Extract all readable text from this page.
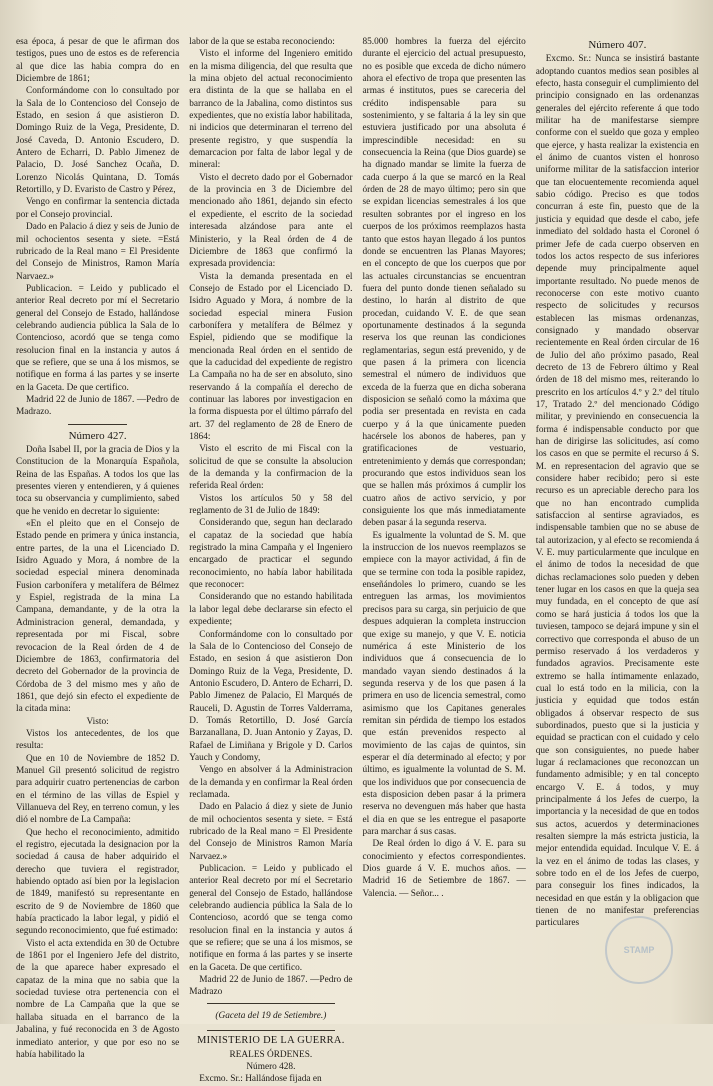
esa época, á pesar de que le afirman dos testigos, pues uno de estos es de referencia al que dice las habia compra do en Diciembre de 1861;

Conformándome con lo consultado por la Sala de lo Contencioso del Consejo de Estado, en sesion á que asistieron D. Domingo Ruiz de la Vega, Presidente, D. José Caveda, D. Antonio Escudero, D. Antero de Echarri, D. Pablo Jimenez de Palacio, D. José Sanchez Ocaña, D. Lorenzo Nicolás Quintana, D. Tomás Retortillo, y D. Evaristo de Castro y Pérez,

Vengo en confirmar la sentencia dictada por el Consejo provincial.

Dado en Palacio á diez y seis de Junio de mil ochocientos sesenta y siete. =Está rubricado de la Real mano = El Presidente del Consejo de Ministros, Ramon María Narvaez.»

Publicacion. = Leido y publicado el anterior Real decreto por mí el Secretario general del Consejo de Estado, hallándose celebrando audiencia pública la Sala de lo Contencioso, acordó que se tenga como resolucion final en la instancia y autos á que se refiere, que se una á los mismos, se notifique en forma á las partes y se inserte en la Gaceta. De que certifico.

Madrid 22 de Junio de 1867. —Pedro de Madrazo.

Número 427.

Doña Isabel II, por la gracia de Dios y la Constitucion de la Monarquía Española, Reina de las Españas. A todos los que las presentes vieren y entendieren, y á quienes toca su observancia y cumplimiento, sabed que he venido en decretar lo siguiente:

«En el pleito que en el Consejo de Estado pende en primera y única instancia, entre partes, de la una el Licenciado D. Isidro Aguado y Mora, á nombre de la sociedad especial minera denominada Fusion carbonífera y metalífera de Bélmez y Espiel, registrada de la mina La Campana, demandante, y de la otra la Administracion general, demandada, y representada por mi Fiscal, sobre revocacion de la Real órden de 4 de Diciembre de 1863, confirmatoria del decreto del Gobernador de la provincia de Córdoba de 3 del mismo mes y año de 1861, que dejó sin efecto el expediente de la citada mina:

Visto:

Vistos los antecedentes, de los que resulta:

Que en 10 de Noviembre de 1852 D. Manuel Gil presentó solicitud de registro para adquirir cuatro pertenencias de carbon en el término de las villas de Espiel y Villanueva del Rey, en terreno comun, y les dió el nombre de La Campaña:

Que hecho el reconocimiento, admitido el registro, ejecutada la designacion por la sociedad á causa de haber adquirido el derecho que tuviera el registrador, habiendo optado así bien por la legislacion de 1849, manifestó su representante en escrito de 9 de Noviembre de 1860 que había practicado la labor legal, y pidió el segundo reconocimiento, que fué estimado:

Visto el acta extendida en 30 de Octubre de 1861 por el Ingeniero Jefe del distrito, de la que aparece haber expresado el capataz de la mina que no sabia que la sociedad tuviese otra pertenencia con el nombre de La Campaña que la que se hallaba situada en el barranco de la Jabalina, y fué reconocida en 3 de Agosto inmediato anterior, y que por eso no se había habilitado la

labor de la que se estaba reconociendo:

Visto el informe del Ingeniero emitido en la misma diligencia, del que resulta que la mina objeto del actual reconocimiento era distinta de la que se hallaba en el barranco de la Jabalina, como distintos sus expedientes, que no existía labor habilitada, ni indicios que determinaran el terreno del presente registro, y que suspendía la demarcacion por falta de labor legal y de mineral:

Visto el decreto dado por el Gobernador de la provincia en 3 de Diciembre del mencionado año 1861, dejando sin efecto el expediente, el escrito de la sociedad interesada alzándose para ante el Ministerio, y la Real órden de 4 de Diciembre de 1863 que confirmó la expresada providencia:

Vista la demanda presentada en el Consejo de Estado por el Licenciado D. Isidro Aguado y Mora, á nombre de la sociedad especial minera Fusion carbonífera y metalífera de Bélmez y Espiel, pidiendo que se modifique la mencionada Real órden en el sentido de que la caducidad del expediente de registro La Campaña no ha de ser en absoluto, sino reservando á la compañía el derecho de continuar las labores por investigacion en la forma dispuesta por el último párrafo del art. 37 del reglamento de 28 de Enero de 1864:

Visto el escrito de mi Fiscal con la solicitud de que se consulte la absolucion de la demanda y la confirmacion de la referida Real órden:

Vistos los artículos 50 y 58 del reglamento de 31 de Julio de 1849:

Considerando que, segun han declarado el capataz de la sociedad que había registrado la mina Campaña y el Ingeniero encargado de practicar el segundo reconocimiento, no había labor habilitada que reconocer:

Considerando que no estando habilitada la labor legal debe declararse sin efecto el expediente;

Conformándome con lo consultado por la Sala de lo Contencioso del Consejo de Estado, en sesion á que asistieron Don Domingo Ruiz de la Vega, Presidente, D. Antonio Escudero, D. Antero de Echarri, D. Pablo Jimenez de Palacio, El Marqués de Rauceli, D. Agustin de Torres Valderrama, D. Tomás Retortillo, D. José García Barzanallana, D. Juan Antonio y Zayas, D. Rafael de Limiñana y Brigole y D. Carlos Yauch y Condomy,

Vengo en absolver á la Administracion de la demanda y en confirmar la Real órden reclamada.

Dado en Palacio á diez y siete de Junio de mil ochocientos sesenta y siete. = Está rubricado de la Real mano = El Presidente del Consejo de Ministros Ramon María Narvaez.»

Publicacion. = Leido y publicado el anterior Real decreto por mí el Secretario general del Consejo de Estado, hallándose celebrando audiencia pública la Sala de lo Contencioso, acordó que se tenga como resolucion final en la instancia y autos á que se refiere; que se una á los mismos, se notifique en forma á las partes y se inserte en la Gaceta. De que certifico.

Madrid 22 de Junio de 1867. —Pedro de Madrazo

(Gaceta del 19 de Setiembre.)
MINISTERIO DE LA GUERRA.
REALES ÓRDENES.
Número 428.

Excmo. Sr.: Hallándose fijada en

85.000 hombres la fuerza del ejército durante el ejercicio del actual presupuesto, no es posible que exceda de dicho número ahora el efectivo de tropa que presenten las armas é institutos, pues se careceria del crédito indispensable para su sostenimiento, y se faltaria á la ley sin que estuviera justificado por una absoluta é imprescindible necesidad: en su consecuencia la Reina (que Dios guarde) se ha dignado mandar se limite la fuerza de cada cuerpo á la que se marcó en la Real órden de 28 de mayo último; pero sin que se expidan licencias semestrales á los que resulten sobrantes por el ingreso en los cuerpos de los próximos reemplazos hasta tanto que estos hayan llegado á los puntos donde se encuentren las Planas Mayores; en el concepto de que los cuerpos que por las actuales circunstancias se encuentran fuera del punto donde tienen señalado su destino, lo harán al distrito de que procedan, cuidando V. E. de que sean oportunamente destinados á la segunda reserva los que reunan las condiciones reglamentarias, segun está prevenido, y de que pasen á la primera con licencia semestral el número de individuos que exceda de la fuerza que en dicha soberana disposicion se señaló como la máxima que podia ser presentada en revista en cada cuerpo y á la que únicamente pueden hacérsele los abonos de haberes, pan y gratificaciones de vestuario, entretenimiento y demás que correspondan; procurando que estos individuos sean los que se hallen más próximos á cumplir los cuatro años de activo servicio, y por consiguiente los que más inmediatamente deben pasar á la segunda reserva.

Es igualmente la voluntad de S. M. que la instruccion de los nuevos reemplazos se empiece con la mayor actividad, á fin de que se termine con toda la posible rapidez, enseñándoles lo primero, cuando se les entreguen las armas, los movimientos precisos para su carga, sin perjuicio de que despues adquieran la completa instruccion que exige su manejo, y que V. E. noticia numérica á este Ministerio de los individuos que á consecuencia de lo mandado vayan siendo destinados á la segunda reserva y de los que pasen á la primera en uso de licencia semestral, como asimismo que los Capitanes generales remitan sin pérdida de tiempo los estados que están prevenidos respecto al movimiento de las cajas de quintos, sin esperar el día determinado al efecto; y por último, es igualmente la voluntad de S. M. que los individuos que por consecuencia de esta disposicion deben pasar á la primera reserva no devenguen más haber que hasta el dia en que se les entregue el pasaporte para marchar á sus casas.

De Real órden lo digo á V. E. para su conocimiento y efectos correspondientes. Dios guarde á V. E. muchos años. —Madrid 16 de Setiembre de 1867. —Valencia. — Señor... .

Número 407.

Excmo. Sr.: Nunca se insistirá bastante adoptando cuantos medios sean posibles al efecto, hasta conseguir el cumplimiento del principio consignado en las ordenanzas generales del ejército referente á que todo militar ha de manifestarse siempre conforme con el sueldo que goza y empleo que ejerce, y hasta realizar la existencia en el ánimo de cuantos visten el honroso uniforme militar de la satisfaccion interior que tan elocuentemente recomienda aquel sabio código. Preciso es que todos concurran á este fin, puesto que de la justicia y equidad que desde el cabo, jefe inmediato del soldado hasta el Coronel ó primer Jefe de cada cuerpo observen en todos los actos respecto de sus inferiores depende muy principalmente aquel importante resultado. No puede menos de reconocerse con este motivo cuanto respecto de solicitudes y recursos establecen las mismas ordenanzas, consignado y mandado observar recientemente en Real órden circular de 16 de Julio del año próximo pasado, Real decreto de 13 de Febrero último y Real órden de 18 del mismo mes, reiterando lo prescrito en los artículos 4.º y 2.º del título 17, Tratado 2.º del mencionado Código militar, y previniendo en consecuencia la forma é indispensable conducto por que han de dirigirse las solicitudes, así como los casos en que se permite el recurso á S. M. en representacion del agravio que se considere haber recibido; pero si este recurso es un apreciable derecho para los que no han encontrado cumplida satisfaccion al sentirse agraviados, es indispensable tambien que no se abuse de tal autorizacion, y al efecto se recomienda á V. E. muy particularmente que inculque en el ánimo de todos la necesidad de que dichas reclamaciones solo pueden y deben tener lugar en los casos en que la queja sea muy fundada, en el concepto de que así como se hará justicia á todos los que la tuviesen, tampoco se dejará impune y sin el correctivo que corresponda el abuso de un permiso reservado á los verdaderos y fundados agravios. Precisamente este extremo se halla íntimamente enlazado, cual lo está todo en la milicia, con la justicia y equidad que todos están obligados á observar respecto de sus subordinados, puesto que si la justicia y equidad se practican con el cuidado y celo que son consiguientes, no puede haber lugar á reclamaciones que reconozcan un fundamento admisible; y en tal concepto encargo V. E. á todos, y muy principalmente á los Jefes de cuerpo, la importancia y la necesidad de que en todos sus actos, acuerdos y determinaciones resalten siempre la más estricta justicia, la mejor entendida equidad. Inculque V. E. á la vez en el ánimo de todas las clases, y sobre todo en el de los Jefes de cuerpo, para conseguir los fines indicados, la necesidad en que están y la obligacion que tienen de no manifestar preferencias particulares

STAMP
